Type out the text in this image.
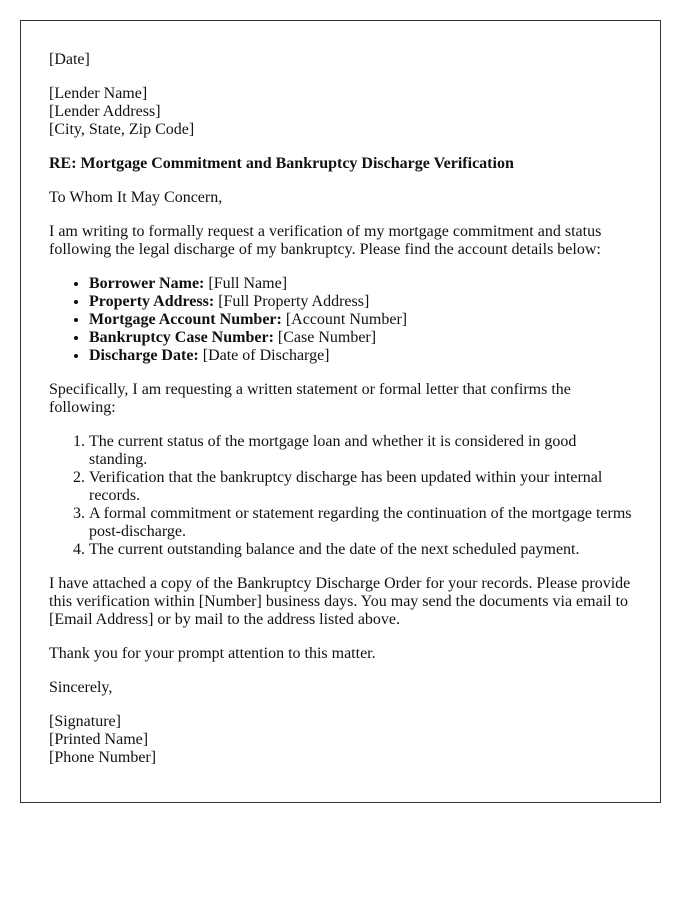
[Date]

[Lender Name]
[Lender Address]
[City, State, Zip Code]

RE: Mortgage Commitment and Bankruptcy Discharge Verification

To Whom It May Concern,

I am writing to formally request a verification of my mortgage commitment and status following the legal discharge of my bankruptcy. Please find the account details below:

• Borrower Name: [Full Name]
• Property Address: [Full Property Address]
• Mortgage Account Number: [Account Number]
• Bankruptcy Case Number: [Case Number]
• Discharge Date: [Date of Discharge]

Specifically, I am requesting a written statement or formal letter that confirms the following:

1. The current status of the mortgage loan and whether it is considered in good standing.
2. Verification that the bankruptcy discharge has been updated within your internal records.
3. A formal commitment or statement regarding the continuation of the mortgage terms post-discharge.
4. The current outstanding balance and the date of the next scheduled payment.

I have attached a copy of the Bankruptcy Discharge Order for your records. Please provide this verification within [Number] business days. You may send the documents via email to [Email Address] or by mail to the address listed above.

Thank you for your prompt attention to this matter.

Sincerely,

[Signature]
[Printed Name]
[Phone Number]
